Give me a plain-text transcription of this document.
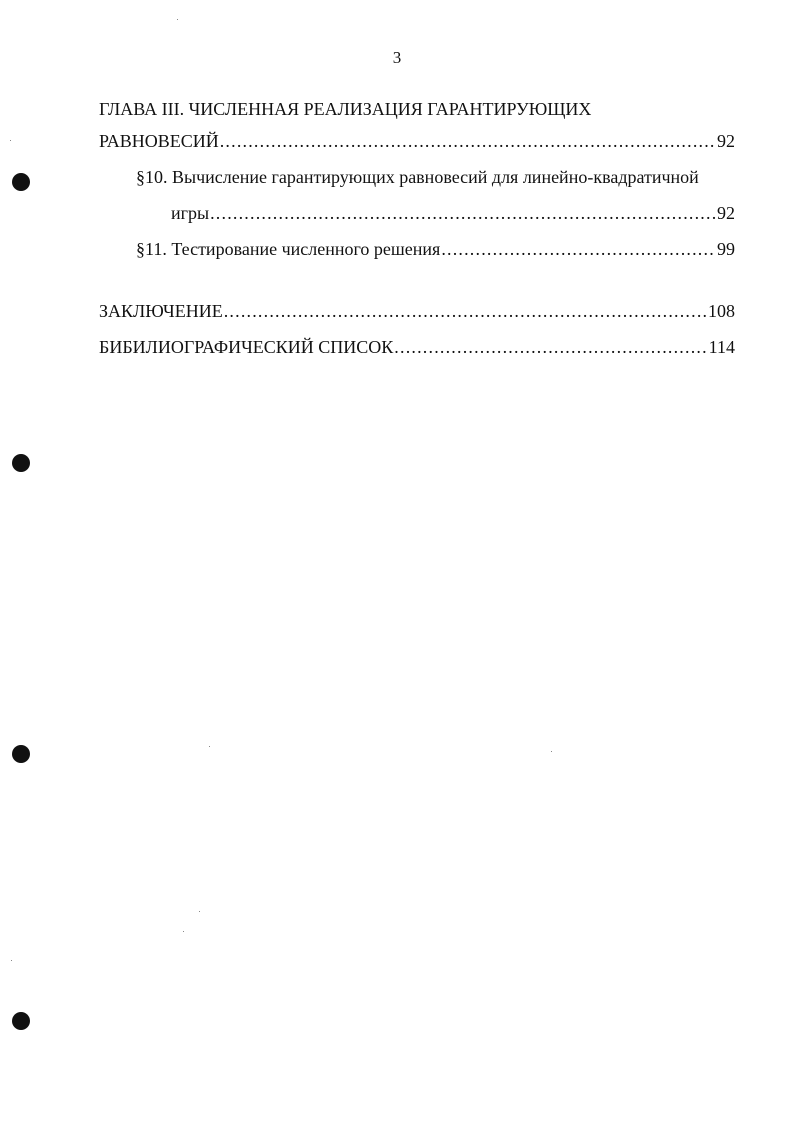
3
ГЛАВА III. ЧИСЛЕННАЯ РЕАЛИЗАЦИЯ ГАРАНТИРУЮЩИХ
РАВНОВЕСИЙ .....	92
§10. Вычисление гарантирующих равновесий для линейно-квадратичной
игры .....	92
§11. Тестирование численного решения .....	99
ЗАКЛЮЧЕНИЕ .....	108
БИБИЛИОГРАФИЧЕСКИЙ СПИСОК .....	114
